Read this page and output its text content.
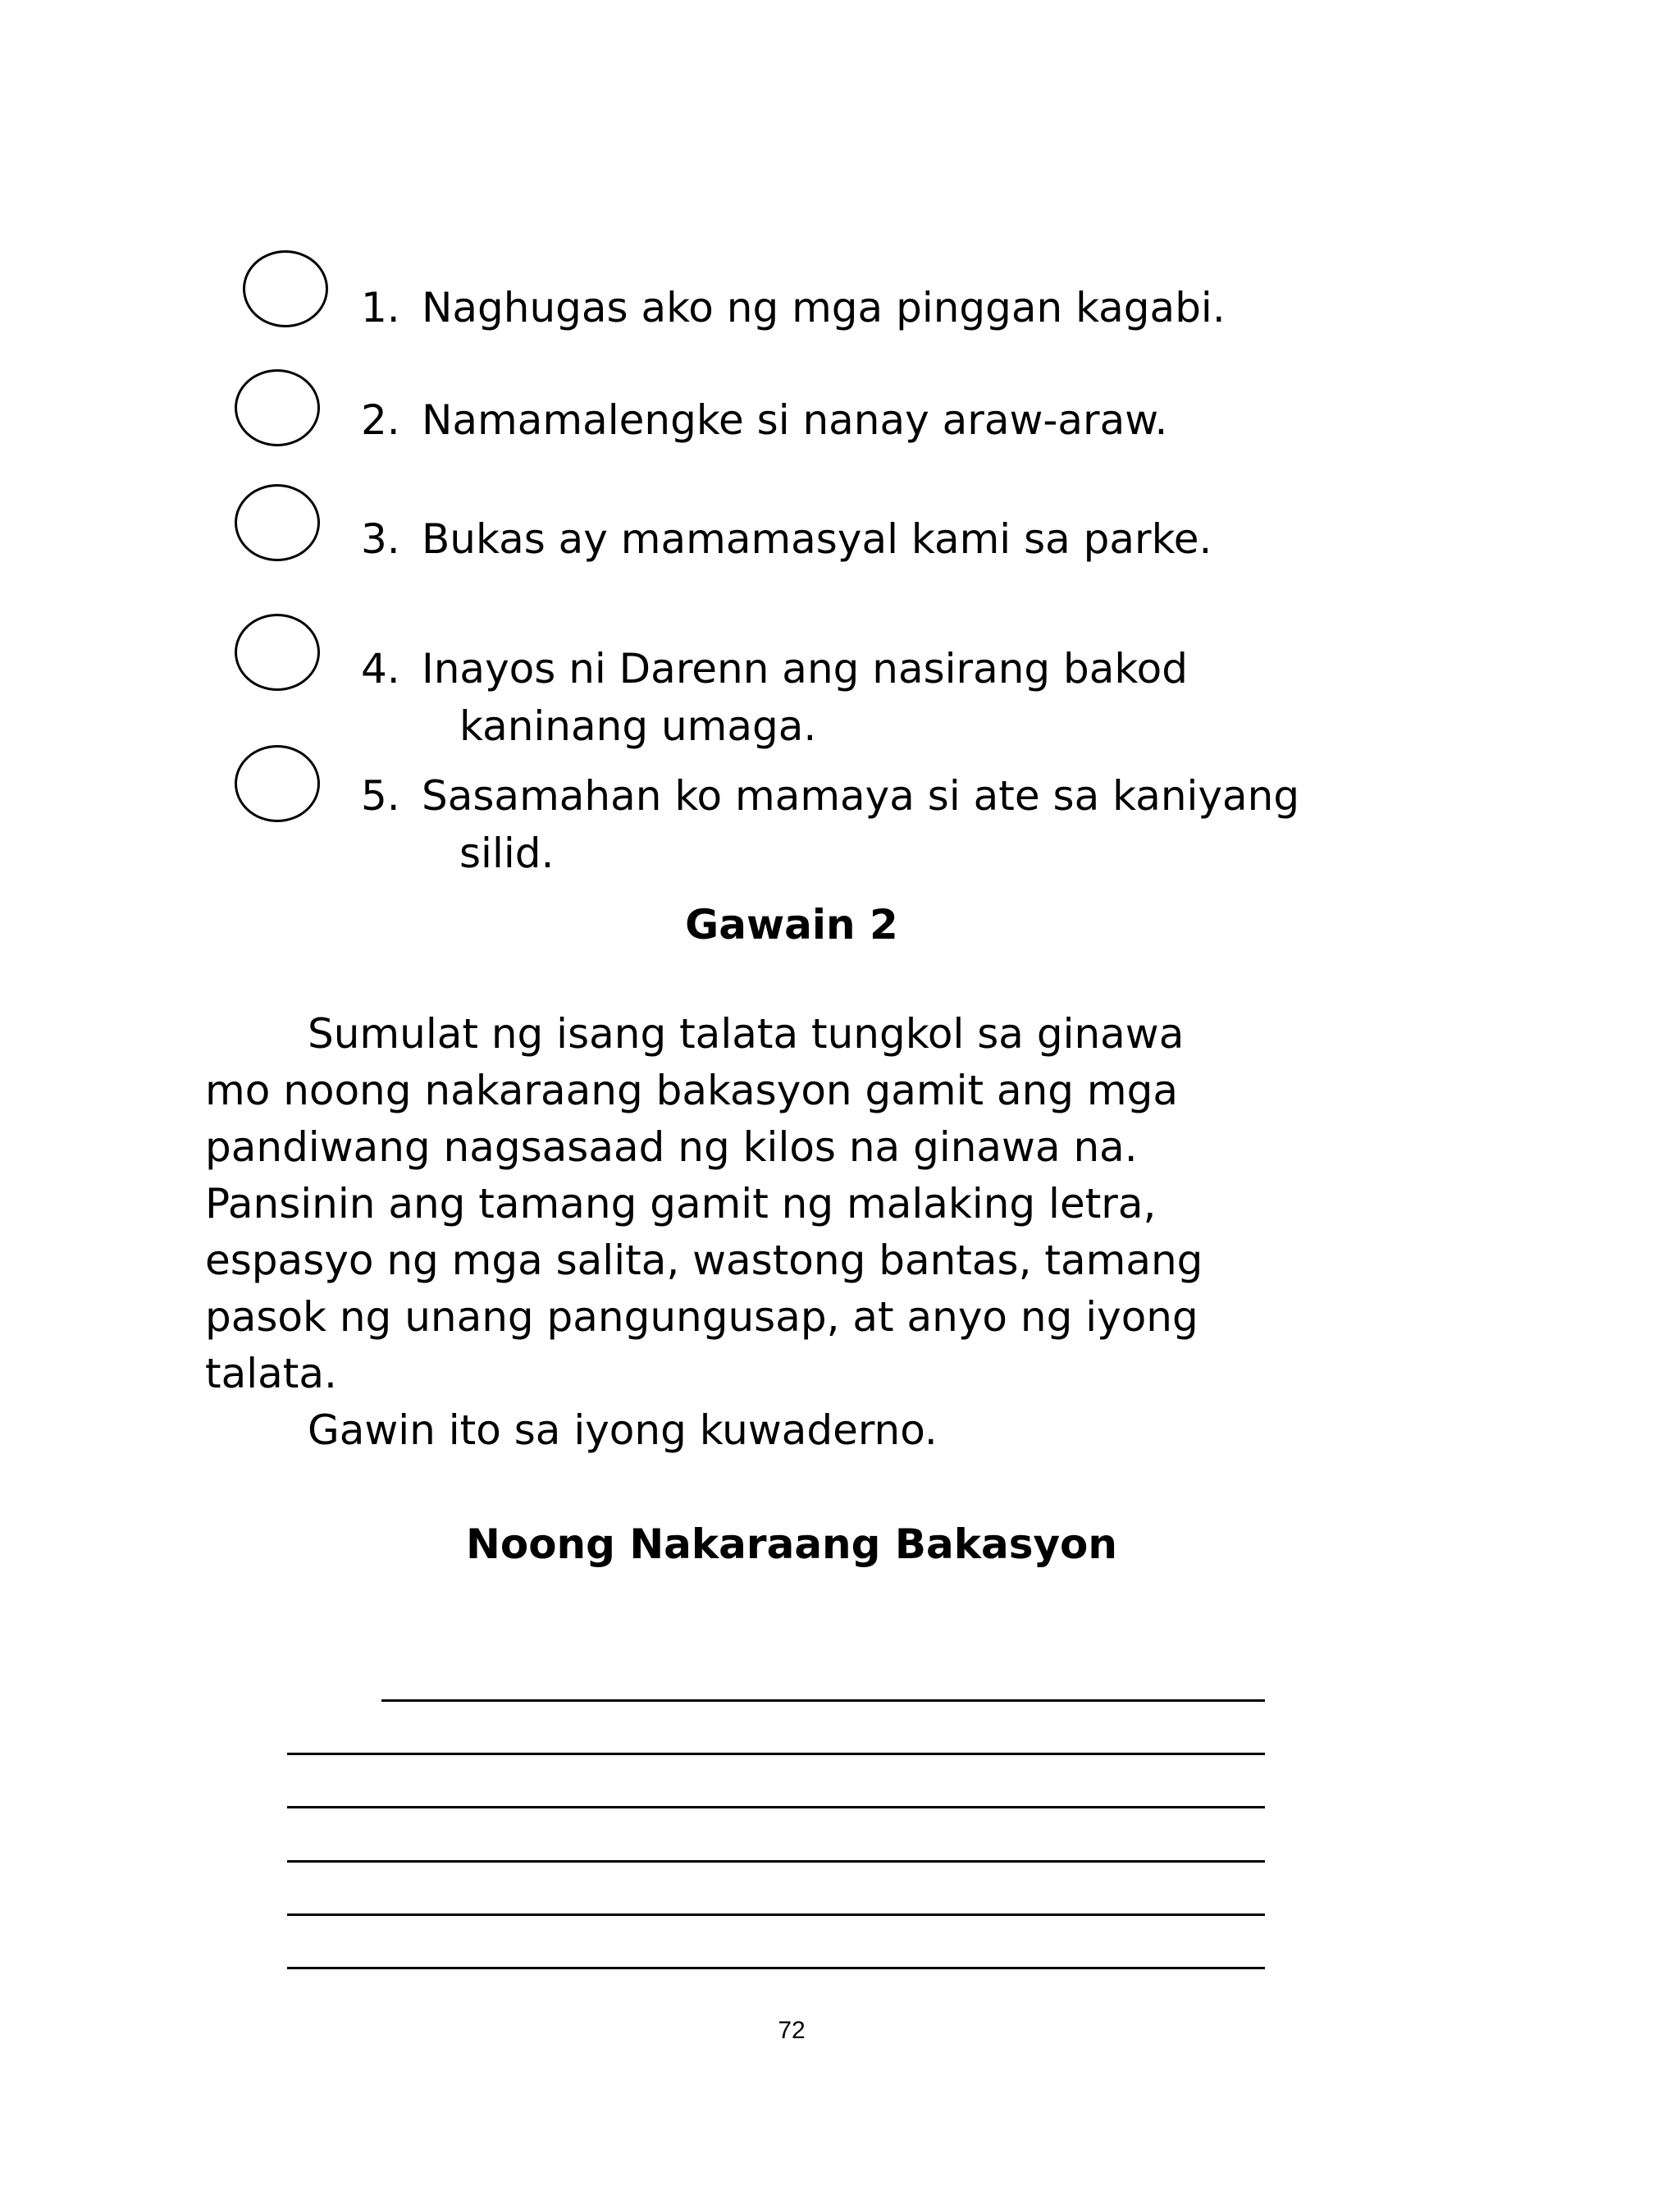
1. Naghugas ako ng mga pinggan kagabi.
2. Namamalengke si nanay araw-araw.
3. Bukas ay mamamasyal kami sa parke.
4. Inayos ni Darenn ang nasirang bakod
kaninang umaga.
5. Sasamahan ko mamaya si ate sa kaniyang
silid.
Gawain 2
Sumulat ng isang talata tungkol sa ginawa
mo noong nakaraang bakasyon gamit ang mga
pandiwang nagsasaad ng kilos na ginawa na.
Pansinin ang tamang gamit ng malaking letra,
espasyo ng mga salita, wastong bantas, tamang
pasok ng unang pangungusap, at anyo ng iyong
talata.
Gawin ito sa iyong kuwaderno.
Noong Nakaraang Bakasyon
72
